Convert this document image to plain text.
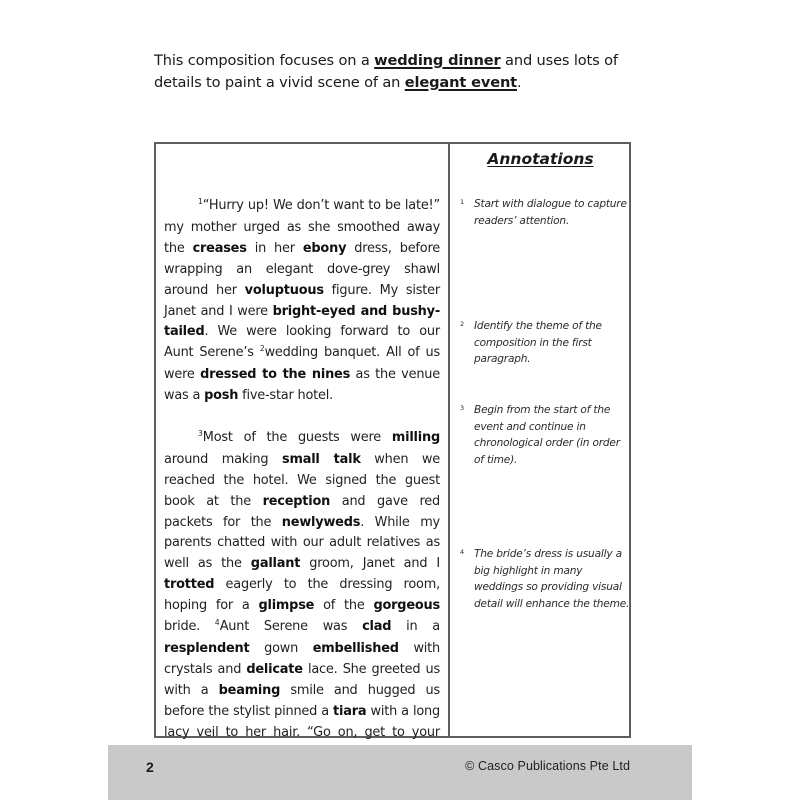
This composition focuses on a wedding dinner and uses lots of details to paint a vivid scene of an elegant event.

$^1$“Hurry up! We don’t want to be late!” my mother urged as she smoothed away the creases in her ebony dress, before wrapping an elegant dove-grey shawl around her voluptuous figure. My sister Janet and I were bright-eyed and bushy-tailed. We were looking forward to our Aunt Serene’s $^2$wedding banquet. All of us were dressed to the nines as the venue was a posh five-star hotel.

$^3$Most of the guests were milling around making small talk when we reached the hotel. We signed the guest book at the reception and gave red packets for the newlyweds. While my parents chatted with our adult relatives as well as the gallant groom, Janet and I trotted eagerly to the dressing room, hoping for a glimpse of the gorgeous bride. $^4$Aunt Serene was clad in a resplendent gown embellished with crystals and delicate lace. She greeted us with a beaming smile and hugged us before the stylist pinned a tiara with a long lacy veil to her hair. “Go on, get to your

Annotations
1 Start with dialogue to capture readers’ attention.
2 Identify the theme of the composition in the first paragraph.
3 Begin from the start of the event and continue in chronological order (in order of time).
4 The bride’s dress is usually a big highlight in many weddings so providing visual detail will enhance the theme.
2	© Casco Publications Pte Ltd
